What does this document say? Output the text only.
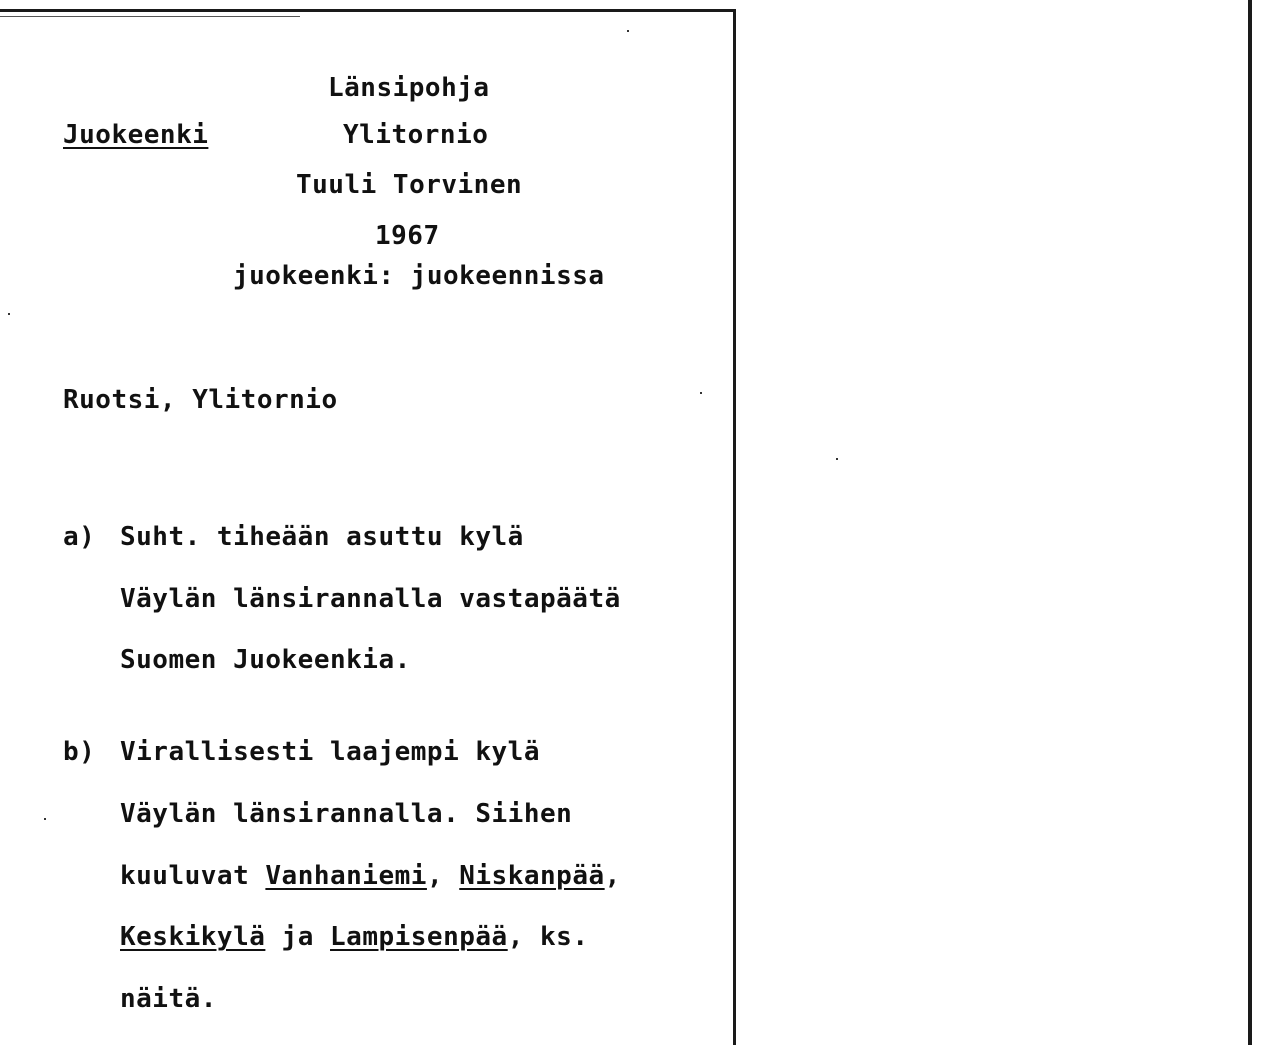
Länsipohja
Juokeenki	Ylitornio
Tuuli Torvinen
1967
juokeenki: juokeennissa
Ruotsi, Ylitornio
a) Suht. tiheään asuttu kylä
Väylän länsirannalla vastapäätä
Suomen Juokeenkia.
b) Virallisesti laajempi kylä
Väylän länsirannalla. Siihen
kuuluvat Vanhaniemi, Niskanpää,
Keskikylä ja Lampisenpää, ks.
näitä.
